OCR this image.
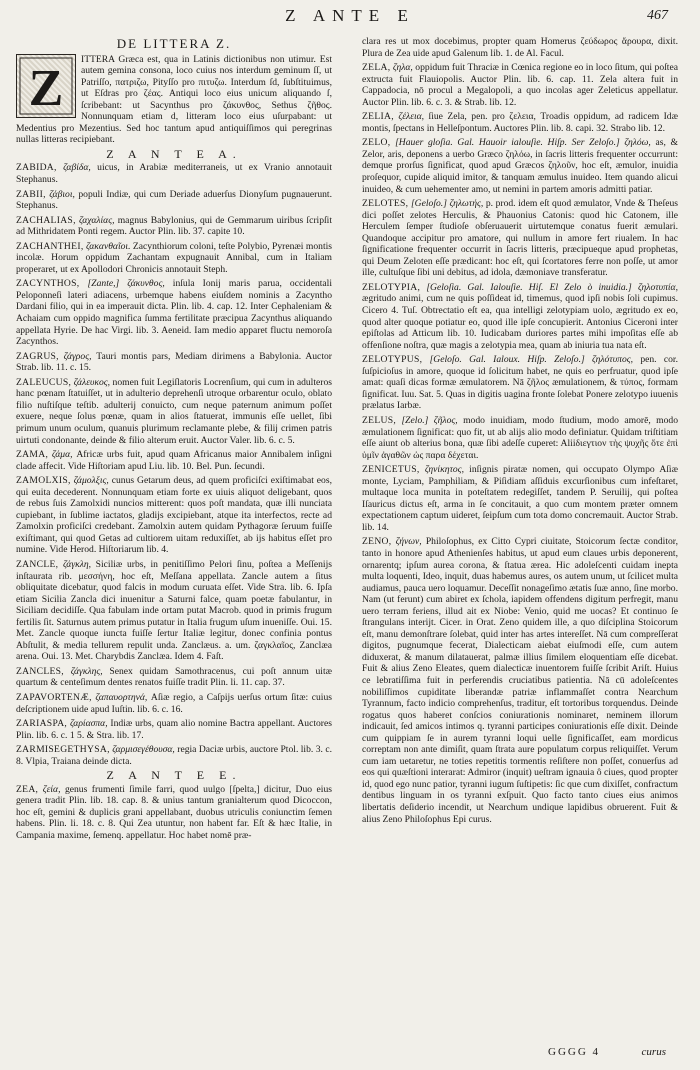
Z ANTE E	467
DE LITTERA Z.

Z
ITTERA Græca est, qua in Latinis dictionibus non utimur. Est autem gemina consona, loco cuius nos interdum geminum ſſ, ut Patriſſo, πατριζω, Pityſſo pro πιτυζω. Interdum ſd, ſubſtituimus, ut Eſdras pro ζέας. Antiqui loco eius unicum aliquando ſ, ſcribebant: ut Sacynthus pro ζάκυνθος, Sethus ζῆθος. Nonnunquam etiam d, litteram loco eius uſurpabant: ut Medentius pro Mezentius. Sed hoc tantum apud antiquiſſimos qui peregrinas nullas litteras recipiebant.

Z A N T E A.

ZABIDA, ζαβίδα, uicus, in Arabiæ mediterraneis, ut ex Vranio annotauit Stephanus.

ZABII, ζάβιοι, populi Indiæ, qui cum Deriade aduerſus Dionyſum pugnauerunt. Stephanus.

ZACHALIAS, ζαχαλίας, magnus Babylonius, qui de Gemmarum uiribus ſcripſit ad Mithridatem Ponti regem. Auctor Plin. lib. 37. capite 10.

ZACHANTHEI, ζακανθαῖοι. Zacynthiorum coloni, teſte Polybio, Pyrenæi montis incolæ. Horum oppidum Zachantam expugnauit Annibal, cum in Italiam properaret, ut ex Apollodori Chronicis annotauit Steph.

ZACYNTHOS, [Zante,] ζάκυνθος, inſula Ionij maris parua, occidentali Peloponneſi lateri adiacens, urbemque habens eiuſdem nominis a Zacyntho Dardani filio, qui in ea imperauit dicta. Plin. lib. 4. cap. 12. Inter Cephaleniam & Achaiam cum oppido magnifica ſumma fertilitate præcipua Zacynthus aliquando appellata Hyrie. De hac Virgi. lib. 3. Aeneid. Iam medio apparet fluctu nemoroſa Zacynthos.

ZAGRUS, ζάγρος, Tauri montis pars, Mediam dirimens a Babylonia. Auctor Strab. lib. 11. c. 15.

ZALEUCUS, ζάλευκος, nomen fuit Legiſlatoris Locrenſium, qui cum in adulteros hanc pœnam ſtatuiſſet, ut in adulterio deprehenſi utroque orbarentur oculo, oblato filio nuſtiſque teſtib. adulterij conuicto, cum neque paternum animum poſſet exuere, neque ſolus pœnæ, quam in alios ſtatuerat, immunis eſſe uellet, ſibi primum unum oculum, quanuis plurimum reclamante plebe, & filij crimen patris uirtuti condonante, deinde & filio alterum eruit. Auctor Valer. lib. 6. c. 5.

ZAMA, ζάμα, Africæ urbs fuit, apud quam Africanus maior Annibalem inſigni clade affecit. Vide Hiſtoriam apud Liu. lib. 10. Bel. Pun. ſecundi.

ZAMOLXIS, ζάμολξις, cunus Getarum deus, ad quem proficiſci exiſtimabat eos, qui euita decederent. Nonnunquam etiam forte ex uiuis aliquot deligebant, quos de rebus ſuis Zamolxidi nuncios mitterent: quos poſt mandata, quæ illi nunciata cupiebant, in ſublime iactatos, gladijs excipiebant, atque ita interfectos, recte ad Zamolxin proficiſci credebant. Zamolxin autem quidam Pythagoræ ſeruum fuiſſe exiſtimant, qui quod Getas ad cultiorem uitam reduxiſſet, ab ijs habitus eſſet pro numine. Vide Herod. Hiſtoriarum lib. 4.

ZANCLE, ζάγκλη, Siciliæ urbs, in penitiſſimo Pelori ſinu, poſtea a Meſſenijs inſtaurata rib. μεσσήνη, hoc eſt, Meſſana appellata. Zancle autem a ſitus obliquitate dicebatur, quod falcis in modum curuata eſſet. Vide Stra. lib. 6. Ipſa etiam Sicilia Zancla dici inuenitur a Saturni falce, quam poetæ fabulantur, in Siciliam decidiſſe. Qua fabulam inde ortam putat Macrob. quod in primis frugum fertilis ſit. Saturnus autem primus putatur in Italia frugum uſum inueniſſe. Oui. 15. Met. Zancle quoque iuncta fuiſſe ſertur Italiæ legitur, donec confinia pontus Abſtulit, & media tellurem repulit unda. Zanclæus. a. um. ζαγκλαῖος, Zanclæa arena. Oui. 13. Met. Charybdis Zanclæa. Idem 4. Faſt.

ZANCLES, ζάγκλης, Senex quidam Samothracenus, cui poſt annum uitæ quartum & centeſimum dentes renatos fuiſſe tradit Plin. li. 11. cap. 37.

ZAPAVORTENÆ, ζαπαυορτηνά, Aſiæ regio, a Caſpijs uerſus ortum ſitæ: cuius deſcriptionem uide apud Iuſtin. lib. 6. c. 16.

ZARIASPA, ζαρίασπα, Indiæ urbs, quam alio nomine Bactra appellant. Auctores Plin. lib. 6. c. 1 5. & Stra. lib. 17.

ZARMISEGETHYSA, ζαρμισεγέθουσα, regia Daciæ urbis, auctore Ptol. lib. 3. c. 8. Vlpia, Traiana deinde dicta.

Z A N T E E.

ZEA, ζεία, genus frumenti ſimile farri, quod uulgo [ſpelta,] dicitur, Duo eius genera tradit Plin. lib. 18. cap. 8. & unius tantum granialterum quod Dicoccon, hoc eſt, gemini & duplicis grani appellabant, duobus utriculis coniunctim ſemen habens. Plin. li. 18. c. 8. Qui Zea utuntur, non habent far. Eſt & hæc Italie, in Campania maxime, ſemenq. appellatur. Hoc habet nomē præ-

clara res ut mox docebimus, propter quam Homerus ζεύδωρος ἄρουρα, dixit. Plura de Zea uide apud Galenum lib. 1. de Al. Facul.

ZELA, ζηλα, oppidum fuit Thraciæ in Cœnica regione eo in loco ſitum, qui poſtea extructa fuit Flauiopolis. Auctor Plin. lib. 6. cap. 11. Zela altera fuit in Cappadocia, nō procul a Megalopoli, a quo incolas ager Zeleticus appellatur. Auctor Plin. lib. 6. c. 3. & Strab. lib. 12.

ZELIA, ζέλεια, ſiue Zela, pen. pro ζελεια, Troadis oppidum, ad radicem Idæ montis, ſpectans in Helleſpontum. Auctores Plin. lib. 8. capi. 32. Strabo lib. 12.

ZELO, [Hauer gloſia. Gal. Hauoir ialouſie. Hiſp. Ser Zeloſo.] ζηλόω, as, & Zelor, aris, deponens a uerbo Græco ζηλόω, in ſacris litteris frequenter occurrunt: demque prorſus ſignificat, quod apud Græcos ζηλοῦν, hoc eſt, æmulor, inuidia proſequor, cupide aliquid imitor, & tanquam æmulus inuideo. Item quando alicui inuideo, & cum uehementer amo, ut nemini in partem amoris admitti patiar.

ZELOTES, [Geloſo.] ζηλωτής, p. prod. idem eſt quod æmulator, Vnde & Theſeus dici poſſet zelotes Herculis, & Phauonius Catonis: quod hic Catonem, ille Herculem ſemper ſtudioſe obſeruauerit uirtutemque conatus fuerit æmulari. Quandoque accipitur pro amatore, qui nullum in amore fert riualem. In hac ſignificatione frequenter occurrit in ſacris litteris, præcipueque apud prophetas, qui Deum Zeloten eſſe prædicant: hoc eſt, qui ſcortatores ferre non poſſe, ut amor ille, cultuſque ſibi uni debitus, ad idola, dæmoniave transferatur.

ZELOTYPIA, [Geloſia. Gal. Ialouſie. Hiſ. El Zelo ò inuidia.] ζηλοτυπία, ægritudo animi, cum ne quis poſſideat id, timemus, quod ipſi nobis ſoli cupimus. Cicero 4. Tuſ. Obtrectatio eſt ea, qua intelligi zelotypiam uolo, ægritudo ex eo, quod alter quoque potiatur eo, quod ille ipſe concupierit. Antonius Ciceroni inter epiſtolas ad Atticum lib. 10. Iudicabam duriores partes mihi impoſitas eſſe ab offenſione noſtra, quæ magis a zelotypia mea, quam ab iniuria tua nata eſt.

ZELOTYPUS, [Geloſo. Gal. Ialoux. Hiſp. Zeloſo.] ζηλότυπος, pen. cor. ſuſpicioſus in amore, quoque id ſolicitum habet, ne quis eo perfruatur, quod ipſe amat: quaſi dicas formæ æmulatorem. Nā ζῆλος æmulationem, & τύπος, formam ſignificat. Iuu. Sat. 5. Quas in digitis uagina fronte ſolebat Ponere zelotypo iuuenis prælatus Iarbæ.

ZELUS, [Zelo.] ζῆλος, modo inuidiam, modo ſtudium, modo amorē, modo æmulationem ſignificat: quo fit, ut ab alijs alio modo definiatur. Quidam triſtitiam eſſe aiunt ob alterius bona, quæ ſibi adeſſe cuperet: Aliiδιεγτιον τὴς ψυχῆς ὅτε ἐπὶ ὑμῖν ἀγαθῶν ὡς παρα δέχεται.

ZENICETUS, ζηνίκητος, inſignis piratæ nomen, qui occupato Olympo Aſiæ monte, Lyciam, Pamphiliam, & Piſidiam aſſiduis excurſionibus cum infeſtaret, multaque loca munita in poteſtatem redegiſſet, tandem P. Seruilij, qui poſtea Iſauricus dictus eſt, arma in ſe concitauit, a quo cum montem præter omnem expectationem captum uideret, ſeipſum cum tota domo concremauit. Auctor Strab. lib. 14.

ZENO, ζήνων, Philoſophus, ex Citto Cypri ciuitate, Stoicorum ſectæ conditor, tanto in honore apud Athenienſes habitus, ut apud eum claues urbis deponerent, ornarentq; ipſum aurea corona, & ſtatua ærea. Hic adoleſcenti cuidam inepta multa loquenti, Ideo, inquit, duas habemus aures, os autem unum, ut ſcilicet multa audiamus, pauca uero loquamur. Deceſſit nonageſimo ætatis ſuæ anno, ſine morbo. Nam (ut ferunt) cum abiret ex ſchola, iapidem offendens digitum perfregit, manu uero terram feriens, illud ait ex Niobe: Venio, quid me uocas? Et continuo ſe ſtrangulans interijt. Cicer. in Orat. Zeno quidem ille, a quo diſciplina Stoicorum eſt, manu demonſtrare ſolebat, quid inter has artes intereſſet. Nā cum compreſſerat digitos, pugnumque fecerat, Dialecticam aiebat eiuſmodi eſſe, cum autem diduxerat, & manum dilatauerat, palmæ illius ſimilem eloquentiam eſſe dicebat. Fuit & alius Zeno Eleates, quem dialecticæ inuentorem fuiſſe ſcribit Ariſt. Huius ce lebratiſſima fuit in perferendis cruciatibus patientia. Nā cū adoleſcentes nobiliſſimos cupiditate liberandæ patriæ inflammaſſet contra Nearchum Tyrannum, facto indicio comprehenſus, traditur, eſt tortoribus torquendus. Deinde rogatus quos haberet conſcios coniurationis nominaret, neminem illorum indicauit, ſed amicos intimos q. tyranni participes coniurationis eſſe dixit. Deinde cum quippiam ſe in aurem tyranni loqui uelle ſignificaſſet, eam mordicus correptam non ante dimiſit, quam ſtrata aure populatum corpus reliquiſſet. Verum cum iam uetaretur, ne toties repetitis tormentis reſiſtere non poſſet, conuerſus ad eos qui quæſtioni interarat: Admiror (inquit) ueſtram ignauia ô ciues, quod propter id, quod ego nunc patior, tyranni iugum ſuſtipetis: ſic que cum dixiſſet, confractum dentibus linguam in os tyranni exſpuit. Quo facto tanto ciues eius animos libertatis deſiderio incendit, ut Nearchum undique lapidibus obruerent. Fuit & alius Zeno Philoſophus Epi curus.

GGGG 4	curus
